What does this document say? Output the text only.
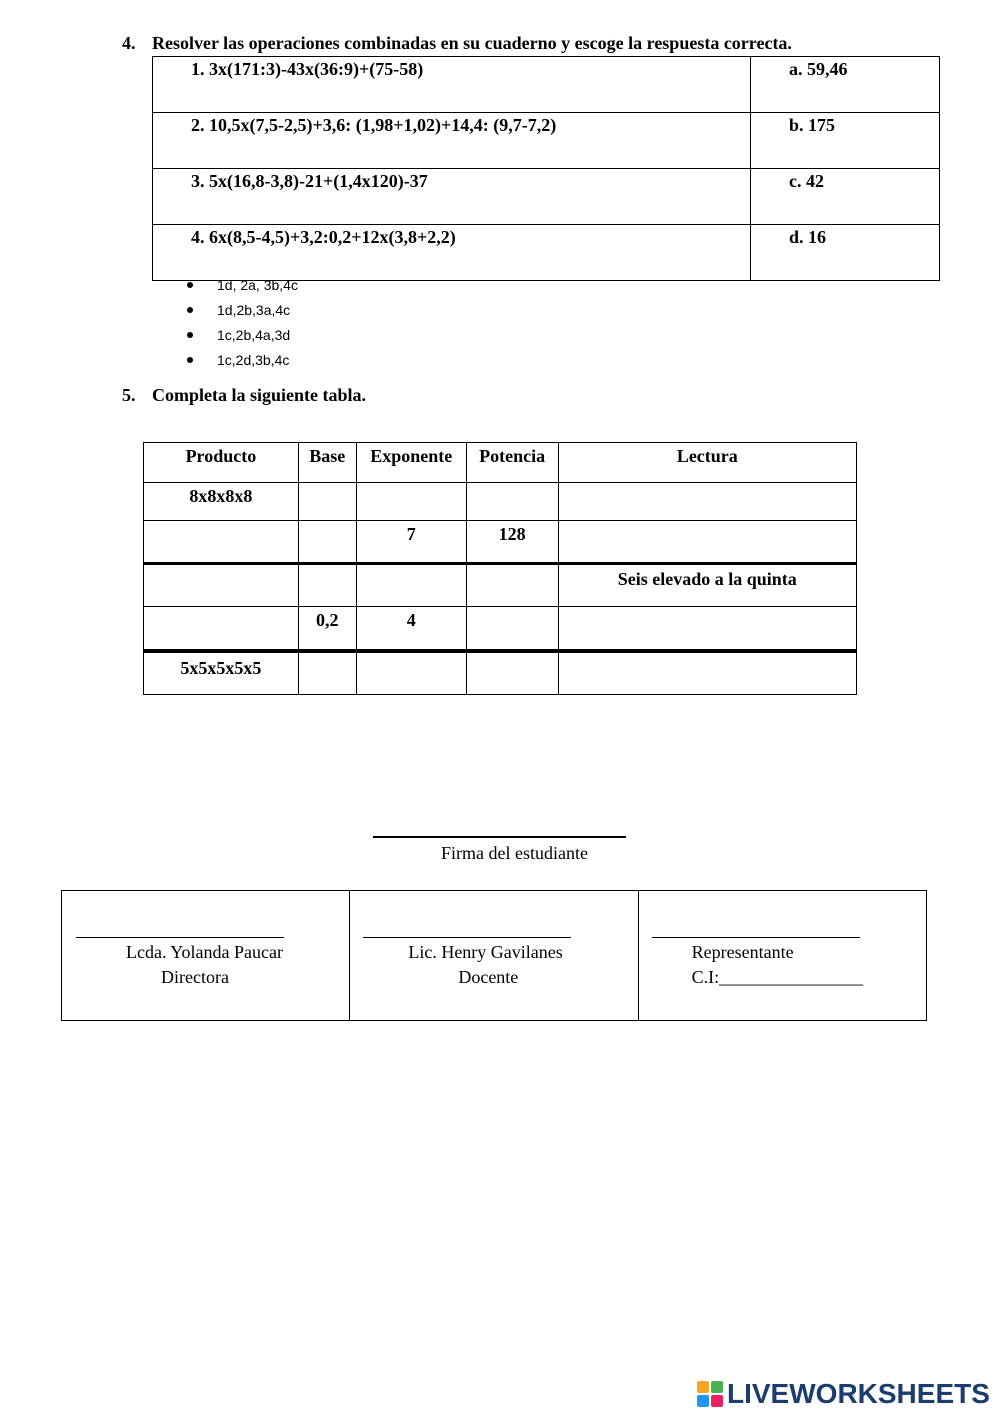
4. Resolver las operaciones combinadas en su cuaderno y escoge la respuesta correcta.
1. 3x(171:3)-43x(36:9)+(75-58)	a. 59,46
2. 10,5x(7,5-2,5)+3,6: (1,98+1,02)+14,4: (9,7-7,2)	b. 175
3. 5x(16,8-3,8)-21+(1,4x120)-37	c. 42
4. 6x(8,5-4,5)+3,2:0,2+12x(3,8+2,2)	d. 16
1d, 2a, 3b,4c
1d,2b,3a,4c
1c,2b,4a,3d
1c,2d,3b,4c
5. Completa la siguiente tabla.
Producto	Base	Exponente	Potencia	Lectura
8x8x8x8				
		7	128	
				Seis elevado a la quinta
	0,2	4		
5x5x5x5x5				
Firma del estudiante
Lcda. Yolanda Paucar
Directora

Lic. Henry Gavilanes
Docente

Representante
C.I:________________
LIVEWORKSHEETS
